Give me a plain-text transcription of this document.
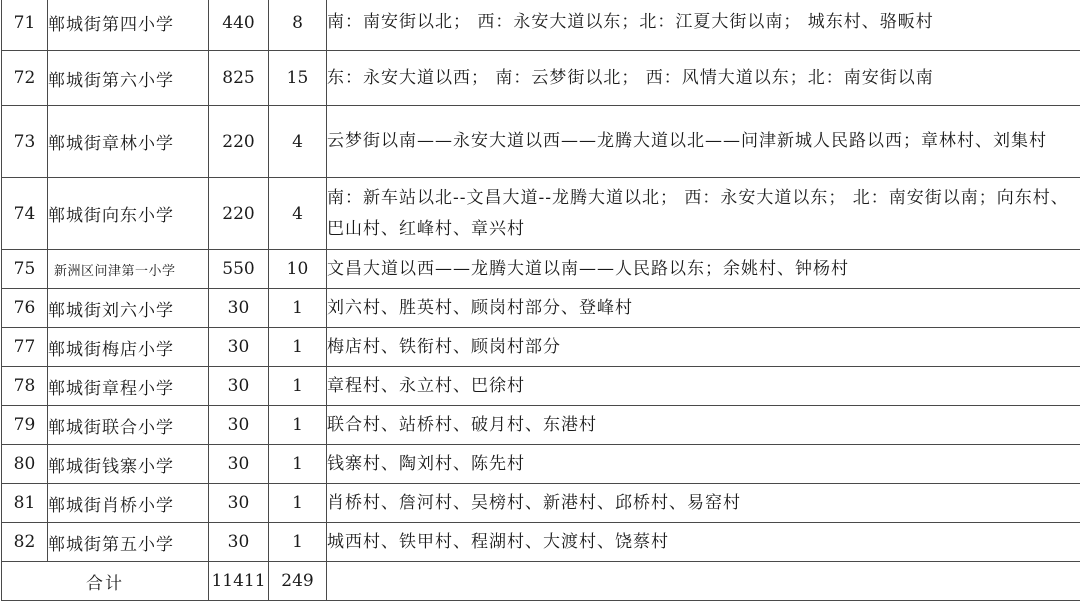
71	郸城街第四小学	440	8	南：南安街以北； 西：永安大道以东；北：江夏大街以南； 城东村、骆畈村
72	郸城街第六小学	825	15	东：永安大道以西； 南：云梦街以北； 西：风情大道以东；北：南安街以南
73	郸城街章林小学	220	4	云梦街以南——永安大道以西——龙腾大道以北——问津新城人民路以西；章林村、刘集村
74	郸城街向东小学	220	4	南：新车站以北--文昌大道--龙腾大道以北； 西：永安大道以东； 北：南安街以南；向东村、巴山村、红峰村、章兴村
75	新洲区问津第一小学	550	10	文昌大道以西——龙腾大道以南——人民路以东；余姚村、钟杨村
76	郸城街刘六小学	30	1	刘六村、胜英村、顾岗村部分、登峰村
77	郸城街梅店小学	30	1	梅店村、铁衔村、顾岗村部分
78	郸城街章程小学	30	1	章程村、永立村、巴徐村
79	郸城街联合小学	30	1	联合村、站桥村、破月村、东港村
80	郸城街钱寨小学	30	1	钱寨村、陶刘村、陈先村
81	郸城街肖桥小学	30	1	肖桥村、詹河村、吴榜村、新港村、邱桥村、易窑村
82	郸城街第五小学	30	1	城西村、铁甲村、程湖村、大渡村、饶蔡村
合计		11411	249	
